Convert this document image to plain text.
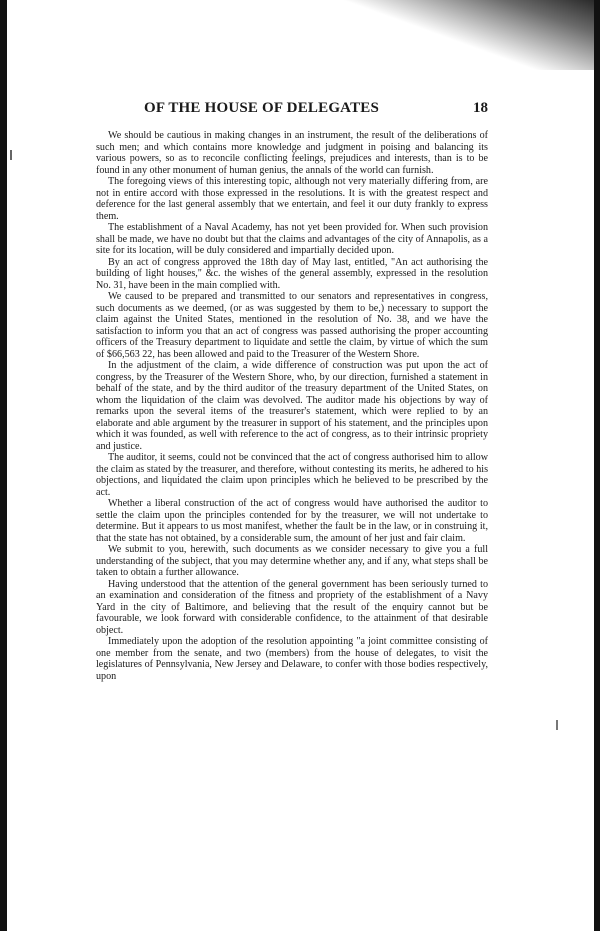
OF THE HOUSE OF DELEGATES	18

We should be cautious in making changes in an instrument, the result of the deliberations of such men; and which contains more knowledge and judgment in poising and balancing its various powers, so as to reconcile conflicting feelings, prejudices and interests, than is to be found in any other monument of human genius, the annals of the world can furnish.

The foregoing views of this interesting topic, although not very materially differing from, are not in entire accord with those expressed in the resolutions. It is with the greatest respect and deference for the last general assembly that we entertain, and feel it our duty frankly to express them.

The establishment of a Naval Academy, has not yet been provided for. When such provision shall be made, we have no doubt but that the claims and advantages of the city of Annapolis, as a site for its location, will be duly considered and impartially decided upon.

By an act of congress approved the 18th day of May last, entitled, "An act authorising the building of light houses," &c. the wishes of the general assembly, expressed in the resolution No. 31, have been in the main complied with.

We caused to be prepared and transmitted to our senators and representatives in congress, such documents as we deemed, (or as was suggested by them to be,) necessary to support the claim against the United States, mentioned in the resolution of No. 38, and we have the satisfaction to inform you that an act of congress was passed authorising the proper accounting officers of the Treasury department to liquidate and settle the claim, by virtue of which the sum of $66,563 22, has been allowed and paid to the Treasurer of the Western Shore.

In the adjustment of the claim, a wide difference of construction was put upon the act of congress, by the Treasurer of the Western Shore, who, by our direction, furnished a statement in behalf of the state, and by the third auditor of the treasury department of the United States, on whom the liquidation of the claim was devolved. The auditor made his objections by way of remarks upon the several items of the treasurer's statement, which were replied to by an elaborate and able argument by the treasurer in support of his statement, and the principles upon which it was founded, as well with reference to the act of congress, as to their intrinsic propriety and justice.

The auditor, it seems, could not be convinced that the act of congress authorised him to allow the claim as stated by the treasurer, and therefore, without contesting its merits, he adhered to his objections, and liquidated the claim upon principles which he believed to be prescribed by the act.

Whether a liberal construction of the act of congress would have authorised the auditor to settle the claim upon the principles contended for by the treasurer, we will not undertake to determine. But it appears to us most manifest, whether the fault be in the law, or in construing it, that the state has not obtained, by a considerable sum, the amount of her just and fair claim.

We submit to you, herewith, such documents as we consider necessary to give you a full understanding of the subject, that you may determine whether any, and if any, what steps shall be taken to obtain a further allowance.

Having understood that the attention of the general government has been seriously turned to an examination and consideration of the fitness and propriety of the establishment of a Navy Yard in the city of Baltimore, and believing that the result of the enquiry cannot but be favourable, we look forward with considerable confidence, to the attainment of that desirable object.

Immediately upon the adoption of the resolution appointing "a joint committee consisting of one member from the senate, and two (members) from the house of delegates, to visit the legislatures of Pennsylvania, New Jersey and Delaware, to confer with those bodies respectively, upon
